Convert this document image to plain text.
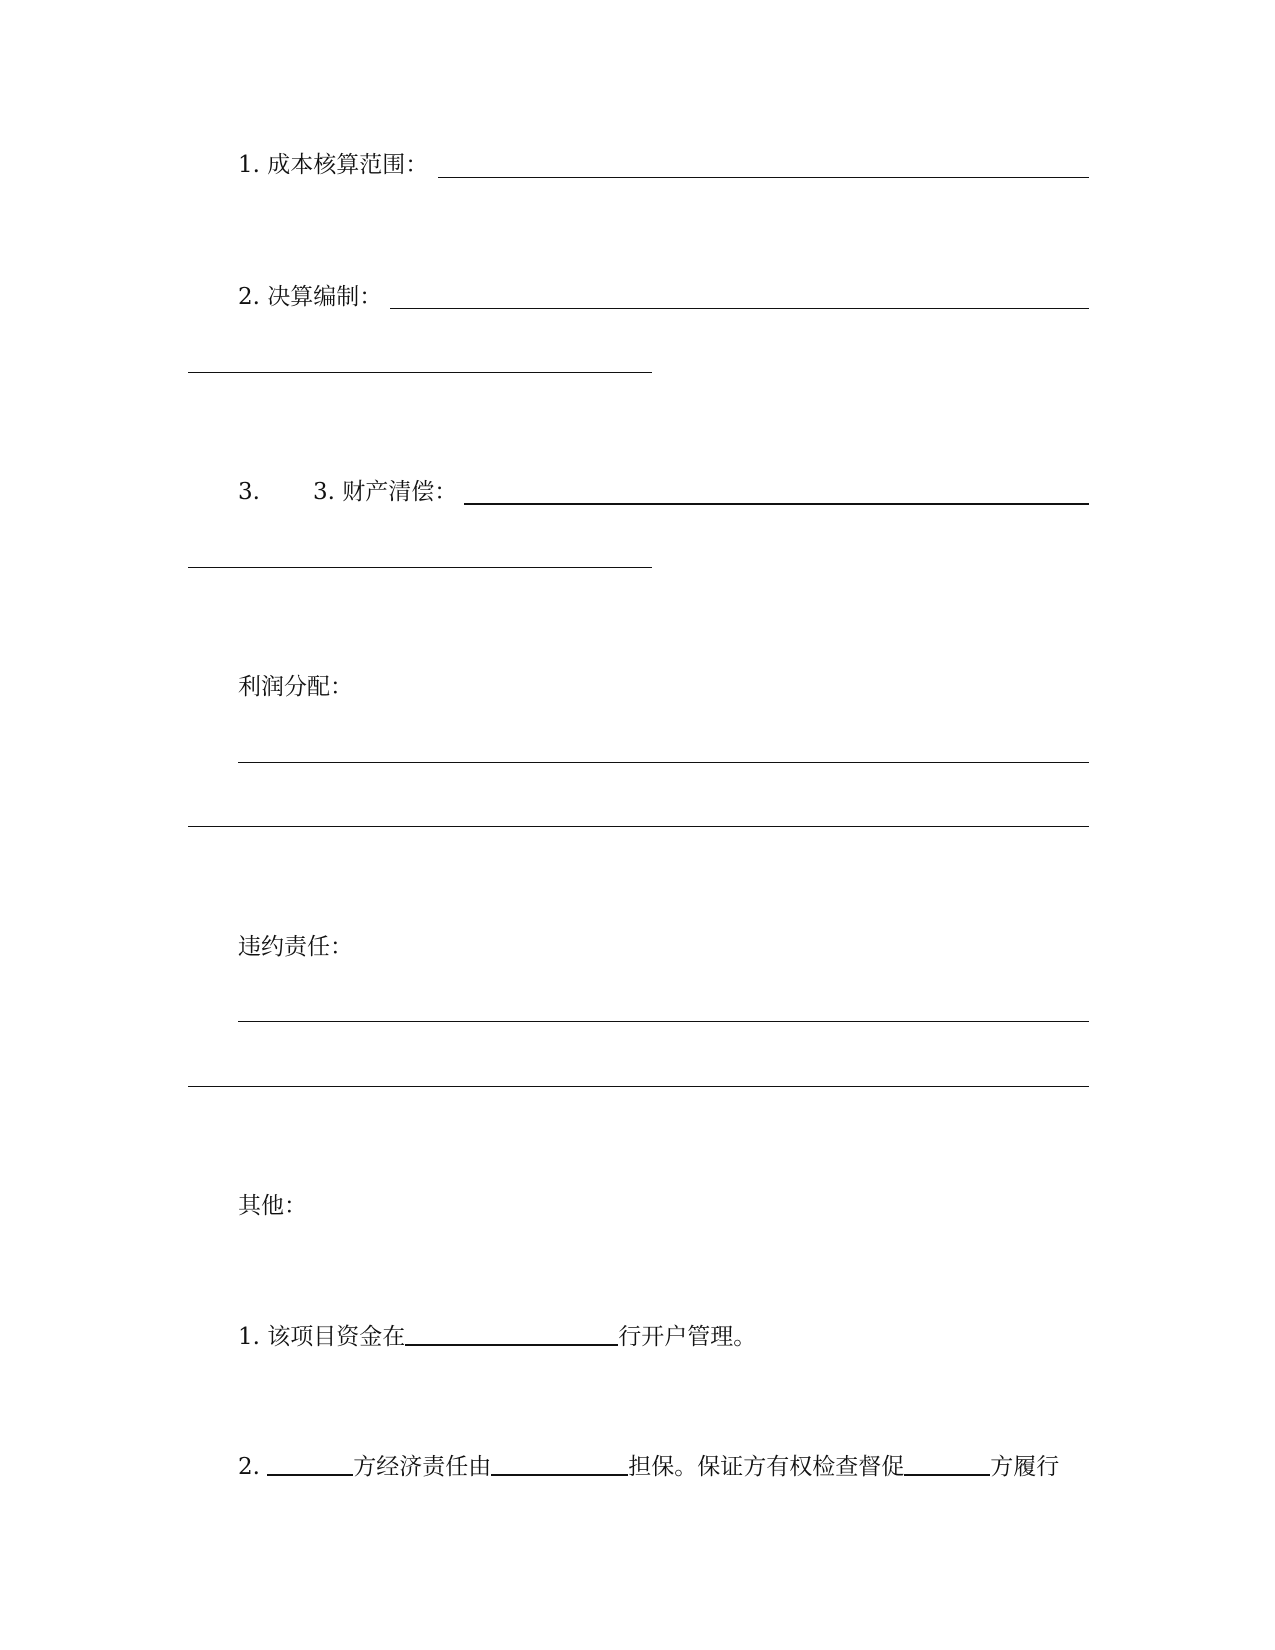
1. 成本核算范围：
2. 决算编制：
3. 3. 财产清偿：
利润分配：
违约责任：
其他：
1. 该项目资金在	行开户管理。
2.	方经济责任由	担保。保证方有权检查督促	方履行
